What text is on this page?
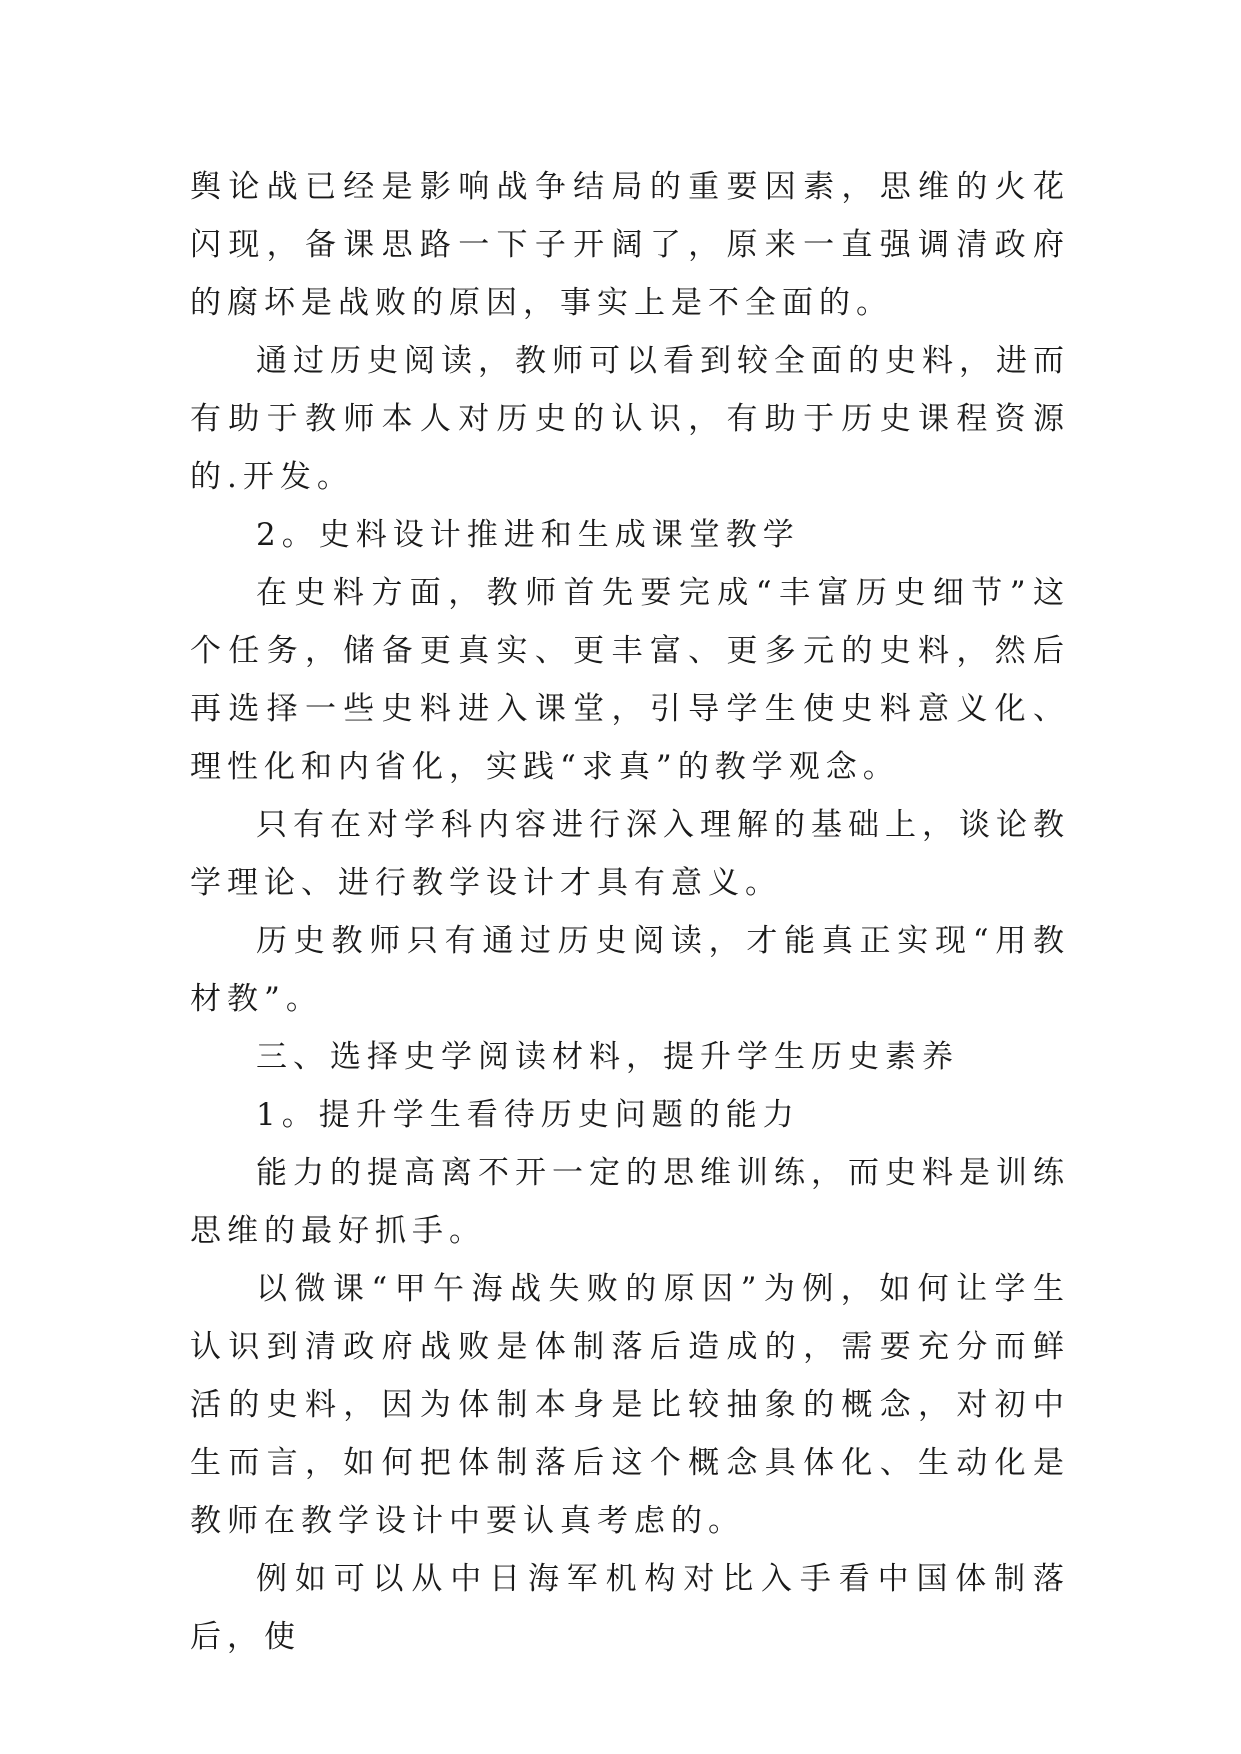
舆论战已经是影响战争结局的重要因素，思维的火花闪现，备课思路一下子开阔了，原来一直强调清政府的腐坏是战败的原因，事实上是不全面的。

通过历史阅读，教师可以看到较全面的史料，进而有助于教师本人对历史的认识，有助于历史课程资源的.开发。

2。史料设计推进和生成课堂教学

在史料方面，教师首先要完成“丰富历史细节”这个任务，储备更真实、更丰富、更多元的史料，然后再选择一些史料进入课堂，引导学生使史料意义化、理性化和内省化，实践“求真”的教学观念。

只有在对学科内容进行深入理解的基础上，谈论教学理论、进行教学设计才具有意义。

历史教师只有通过历史阅读，才能真正实现“用教材教”。

三、选择史学阅读材料，提升学生历史素养

1。提升学生看待历史问题的能力

能力的提高离不开一定的思维训练，而史料是训练思维的最好抓手。

以微课“甲午海战失败的原因”为例，如何让学生认识到清政府战败是体制落后造成的，需要充分而鲜活的史料，因为体制本身是比较抽象的概念，对初中生而言，如何把体制落后这个概念具体化、生动化是教师在教学设计中要认真考虑的。

例如可以从中日海军机构对比入手看中国体制落后，使
